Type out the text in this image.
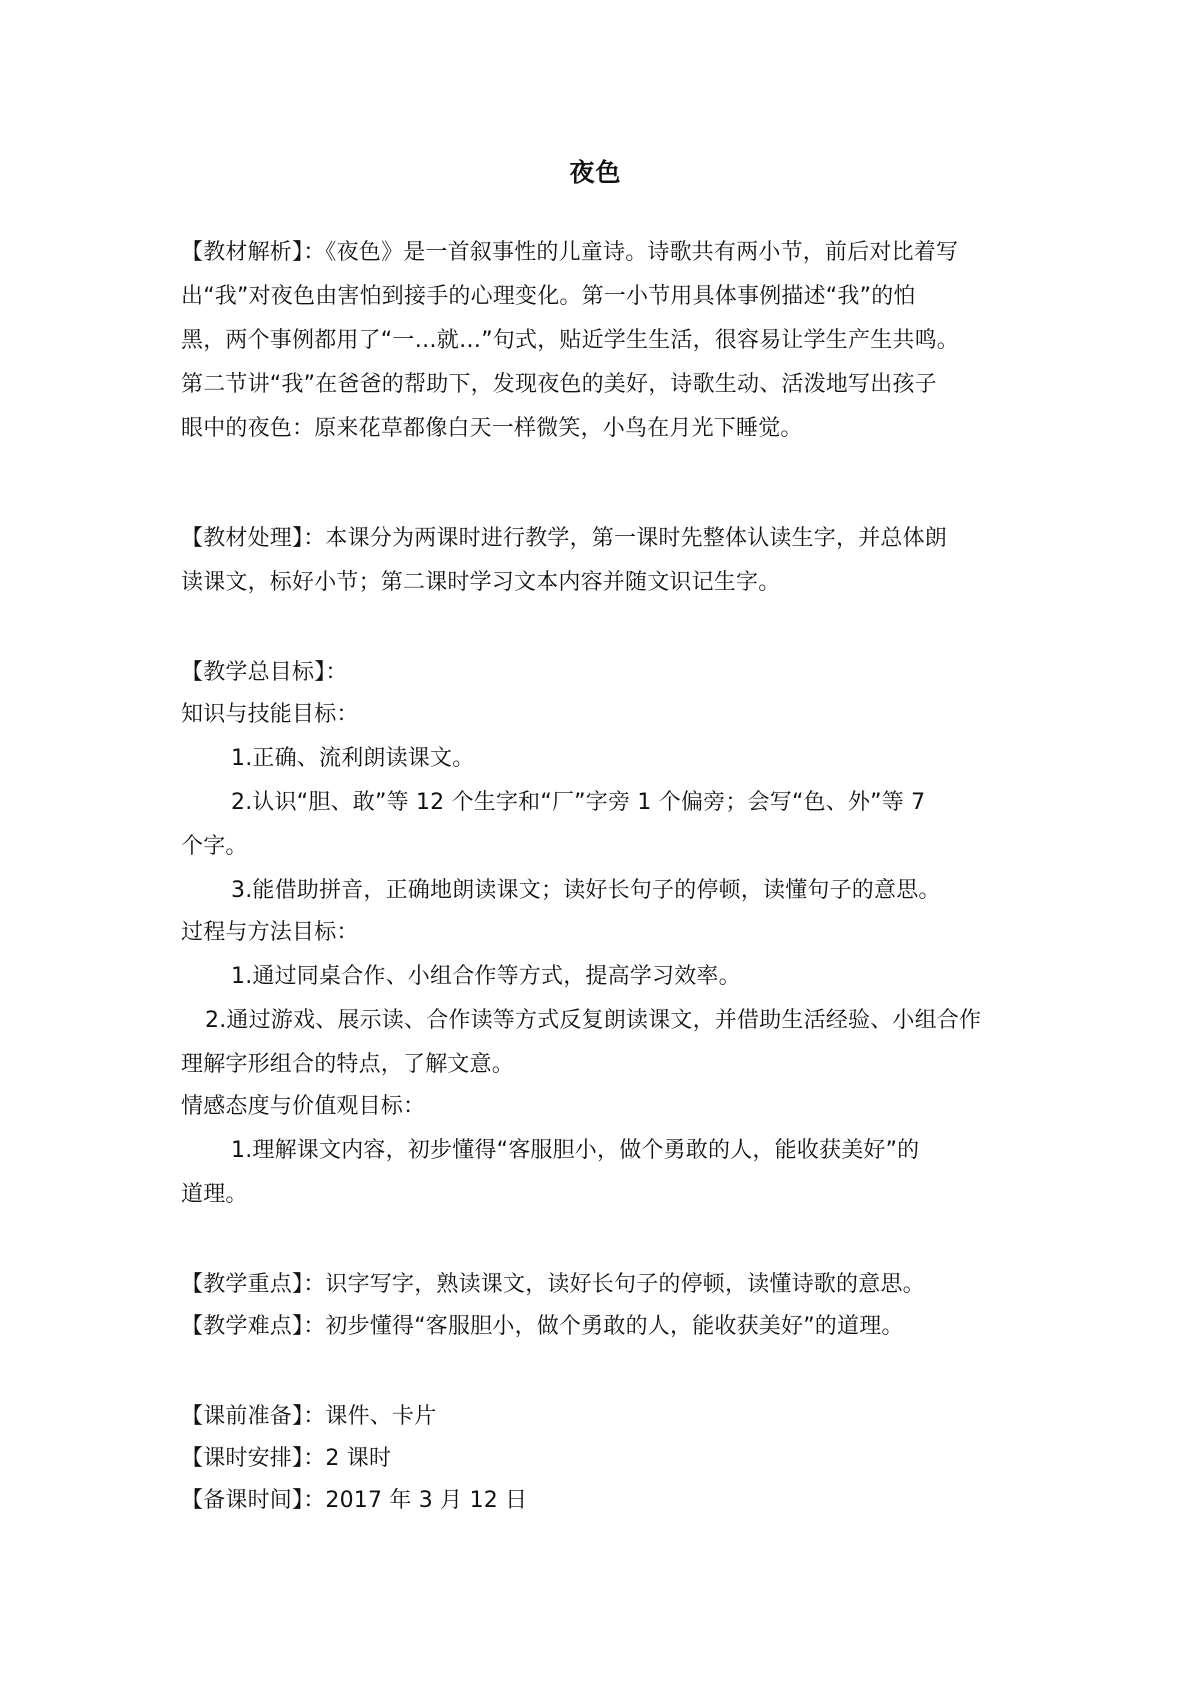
夜色
【教材解析】：《夜色》是一首叙事性的儿童诗。诗歌共有两小节，前后对比着写
出“我”对夜色由害怕到接手的心理变化。第一小节用具体事例描述“我”的怕
黑，两个事例都用了“一…就…”句式，贴近学生生活，很容易让学生产生共鸣。
第二节讲“我”在爸爸的帮助下，发现夜色的美好，诗歌生动、活泼地写出孩子
眼中的夜色：原来花草都像白天一样微笑，小鸟在月光下睡觉。
【教材处理】：本课分为两课时进行教学，第一课时先整体认读生字，并总体朗
读课文，标好小节；第二课时学习文本内容并随文识记生字。
【教学总目标】：
知识与技能目标：
1.正确、流利朗读课文。
2.认识“胆、敢”等 12 个生字和“厂”字旁 1 个偏旁；会写“色、外”等 7
个字。
3.能借助拼音，正确地朗读课文；读好长句子的停顿，读懂句子的意思。
过程与方法目标：
1.通过同桌合作、小组合作等方式，提高学习效率。
2.通过游戏、展示读、合作读等方式反复朗读课文，并借助生活经验、小组合作
理解字形组合的特点，了解文意。
情感态度与价值观目标：
1.理解课文内容，初步懂得“客服胆小，做个勇敢的人，能收获美好”的
道理。
【教学重点】：识字写字，熟读课文，读好长句子的停顿，读懂诗歌的意思。
【教学难点】：初步懂得“客服胆小，做个勇敢的人，能收获美好”的道理。
【课前准备】：课件、卡片
【课时安排】：2 课时
【备课时间】：2017 年 3 月 12 日
